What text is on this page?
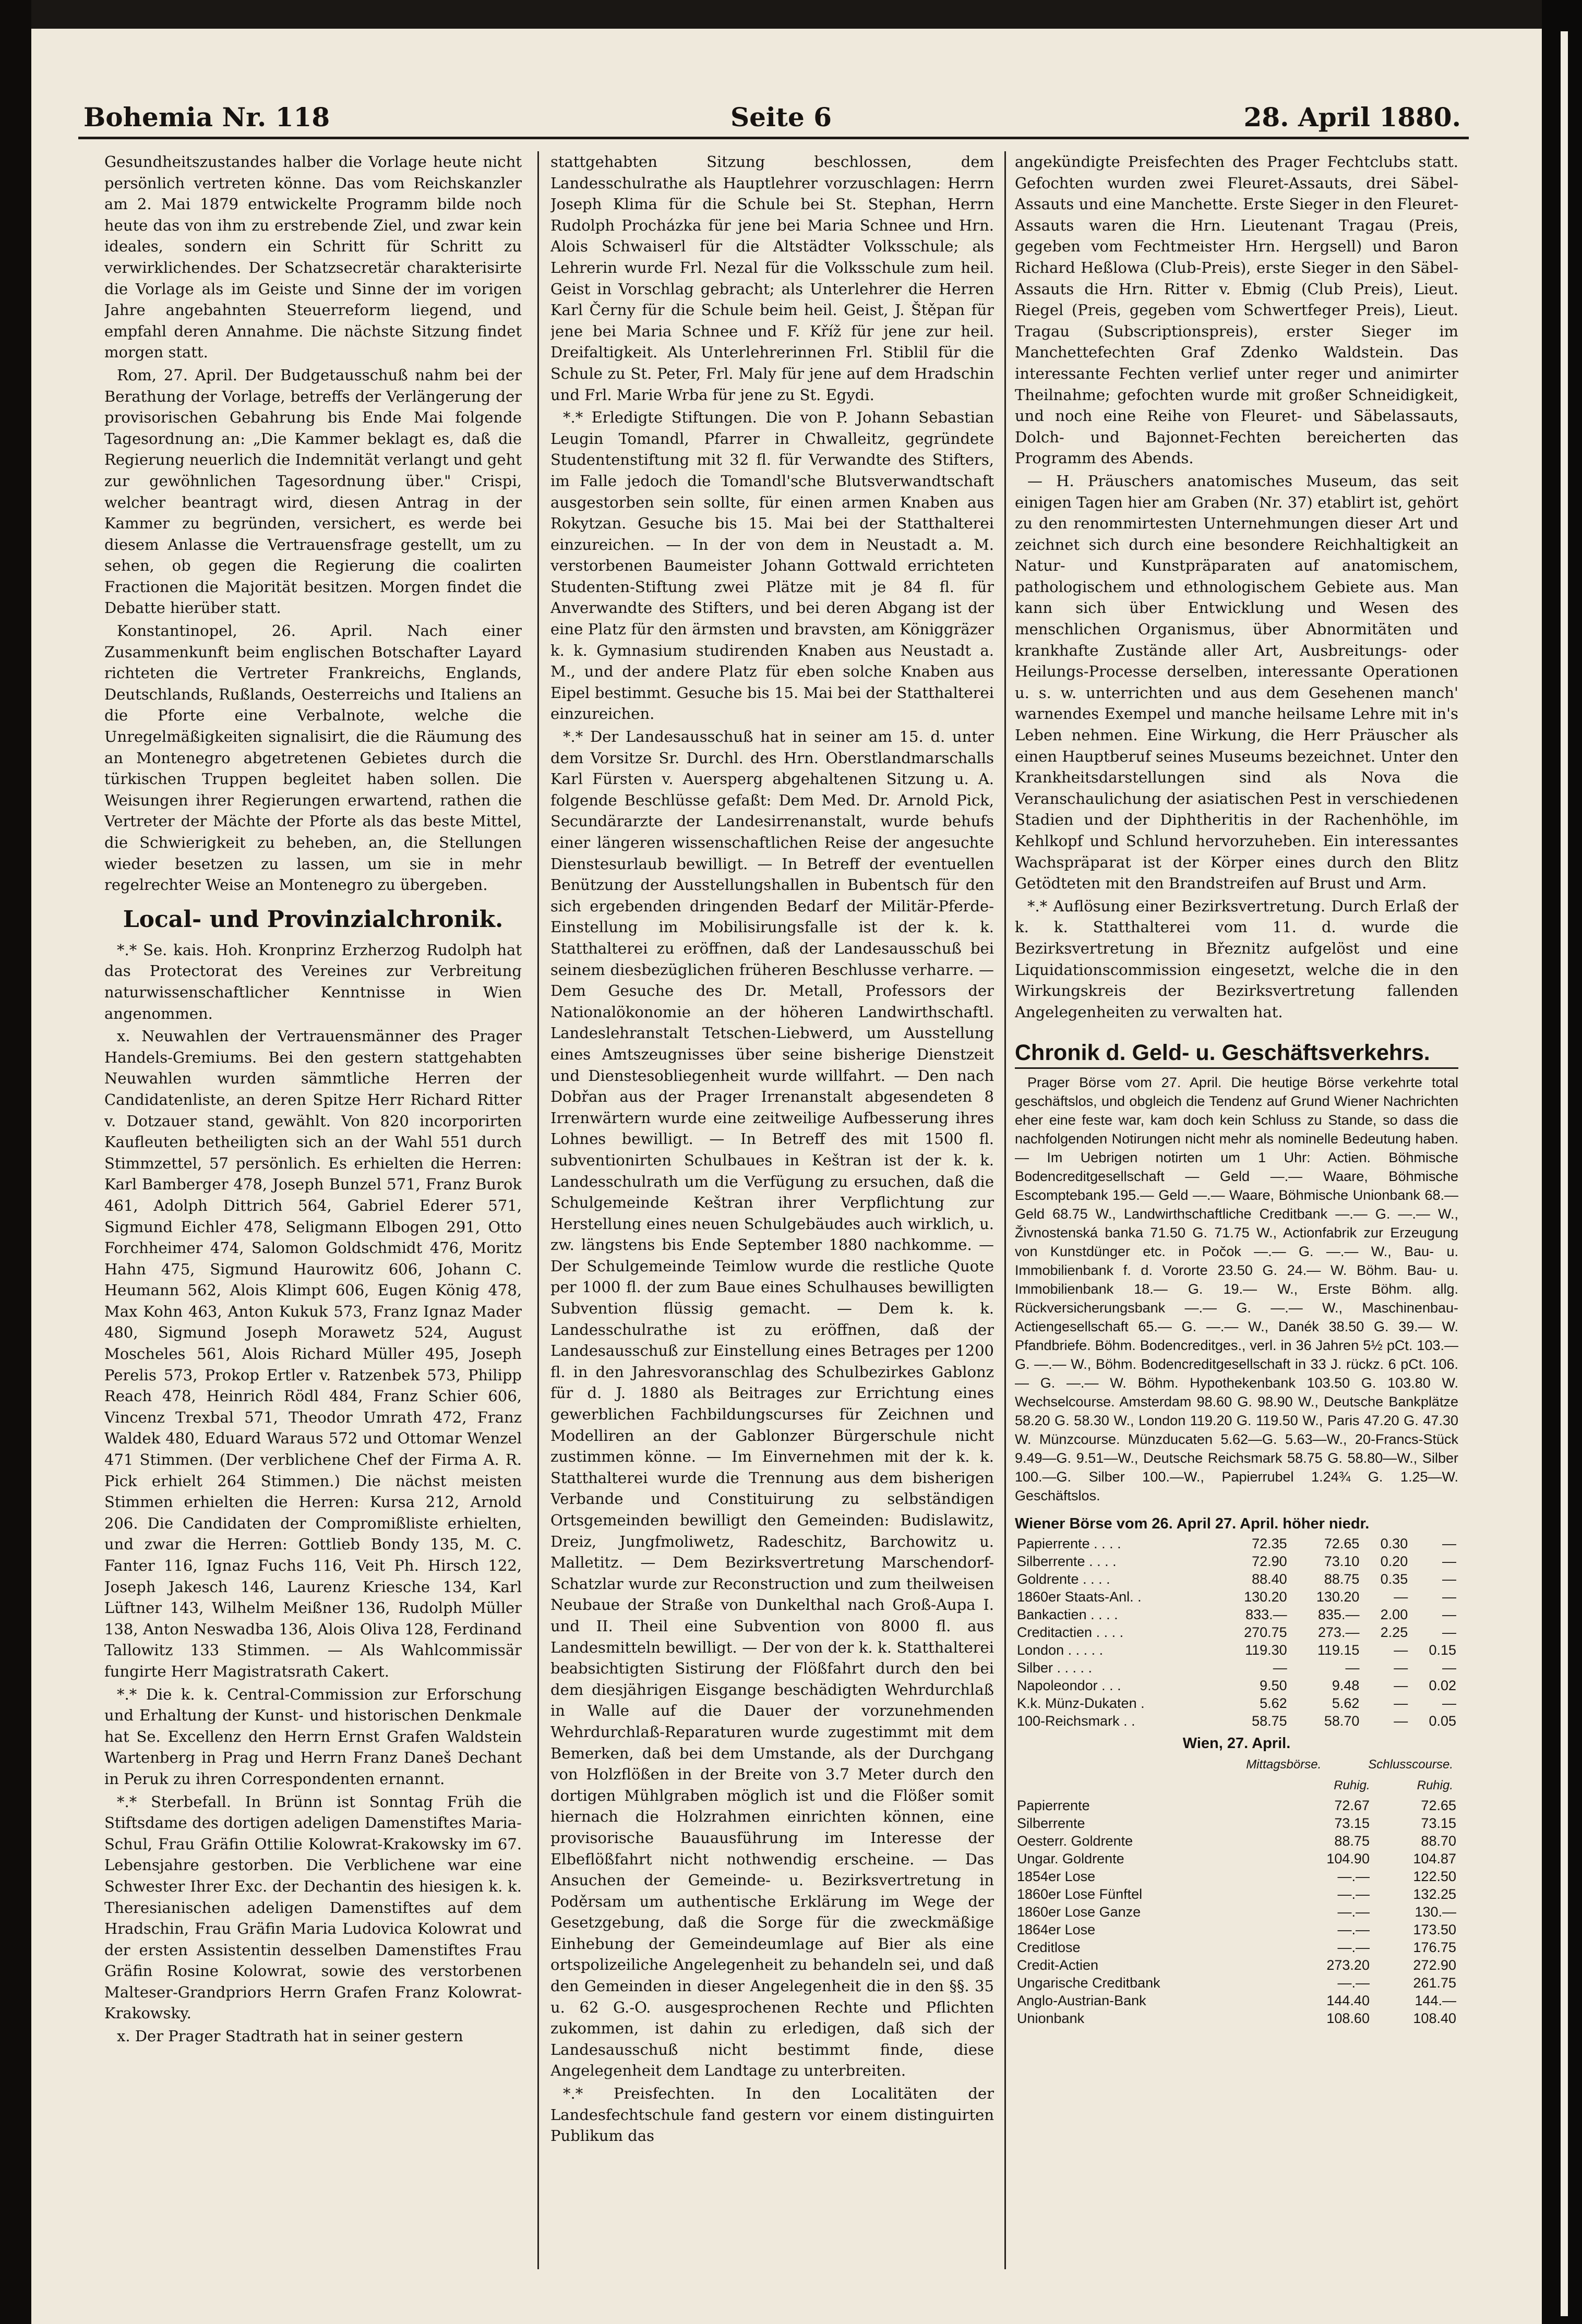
Bohemia Nr. 118	Seite 6	28. April 1880.

Gesundheitszustandes halber die Vorlage heute nicht persönlich vertreten könne. Das vom Reichskanzler am 2. Mai 1879 entwickelte Programm bilde noch heute das von ihm zu erstrebende Ziel, und zwar kein ideales, sondern ein Schritt für Schritt zu verwirklichendes. Der Schatzsecretär charakterisirte die Vorlage als im Geiste und Sinne der im vorigen Jahre angebahnten Steuerreform liegend, und empfahl deren Annahme. Die nächste Sitzung findet morgen statt.

Rom, 27. April. Der Budgetausschuß nahm bei der Berathung der Vorlage, betreffs der Verlängerung der provisorischen Gebahrung bis Ende Mai folgende Tagesordnung an: „Die Kammer beklagt es, daß die Regierung neuerlich die Indemnität verlangt und geht zur gewöhnlichen Tagesordnung über." Crispi, welcher beantragt wird, diesen Antrag in der Kammer zu begründen, versichert, es werde bei diesem Anlasse die Vertrauensfrage gestellt, um zu sehen, ob gegen die Regierung die coalirten Fractionen die Majorität besitzen. Morgen findet die Debatte hierüber statt.

Konstantinopel, 26. April. Nach einer Zusammenkunft beim englischen Botschafter Layard richteten die Vertreter Frankreichs, Englands, Deutschlands, Rußlands, Oesterreichs und Italiens an die Pforte eine Verbalnote, welche die Unregelmäßigkeiten signalisirt, die die Räumung des an Montenegro abgetretenen Gebietes durch die türkischen Truppen begleitet haben sollen. Die Weisungen ihrer Regierungen erwartend, rathen die Vertreter der Mächte der Pforte als das beste Mittel, die Schwierigkeit zu beheben, an, die Stellungen wieder besetzen zu lassen, um sie in mehr regelrechter Weise an Montenegro zu übergeben.

Local- und Provinzialchronik.

*.* Se. kais. Hoh. Kronprinz Erzherzog Rudolph hat das Protectorat des Vereines zur Verbreitung naturwissenschaftlicher Kenntnisse in Wien angenommen.

x. Neuwahlen der Vertrauensmänner des Prager Handels-Gremiums. Bei den gestern stattgehabten Neuwahlen wurden sämmtliche Herren der Candidatenliste, an deren Spitze Herr Richard Ritter v. Dotzauer stand, gewählt. Von 820 incorporirten Kaufleuten betheiligten sich an der Wahl 551 durch Stimmzettel, 57 persönlich. Es erhielten die Herren: Karl Bamberger 478, Joseph Bunzel 571, Franz Burok 461, Adolph Dittrich 564, Gabriel Ederer 571, Sigmund Eichler 478, Seligmann Elbogen 291, Otto Forchheimer 474, Salomon Goldschmidt 476, Moritz Hahn 475, Sigmund Haurowitz 606, Johann C. Heumann 562, Alois Klimpt 606, Eugen König 478, Max Kohn 463, Anton Kukuk 573, Franz Ignaz Mader 480, Sigmund Joseph Morawetz 524, August Moscheles 561, Alois Richard Müller 495, Joseph Perelis 573, Prokop Ertler v. Ratzenbek 573, Philipp Reach 478, Heinrich Rödl 484, Franz Schier 606, Vincenz Trexbal 571, Theodor Umrath 472, Franz Waldek 480, Eduard Waraus 572 und Ottomar Wenzel 471 Stimmen. (Der verblichene Chef der Firma A. R. Pick erhielt 264 Stimmen.) Die nächst meisten Stimmen erhielten die Herren: Kursa 212, Arnold 206. Die Candidaten der Compromißliste erhielten, und zwar die Herren: Gottlieb Bondy 135, M. C. Fanter 116, Ignaz Fuchs 116, Veit Ph. Hirsch 122, Joseph Jakesch 146, Laurenz Kriesche 134, Karl Lüftner 143, Wilhelm Meißner 136, Rudolph Müller 138, Anton Neswadba 136, Alois Oliva 128, Ferdinand Tallowitz 133 Stimmen. — Als Wahlcommissär fungirte Herr Magistratsrath Cakert.

*.* Die k. k. Central-Commission zur Erforschung und Erhaltung der Kunst- und historischen Denkmale hat Se. Excellenz den Herrn Ernst Grafen Waldstein Wartenberg in Prag und Herrn Franz Daneš Dechant in Peruk zu ihren Correspondenten ernannt.

*.* Sterbefall. In Brünn ist Sonntag Früh die Stiftsdame des dortigen adeligen Damenstiftes Maria-Schul, Frau Gräfin Ottilie Kolowrat-Krakowsky im 67. Lebensjahre gestorben. Die Verblichene war eine Schwester Ihrer Exc. der Dechantin des hiesigen k. k. Theresianischen adeligen Damenstiftes auf dem Hradschin, Frau Gräfin Maria Ludovica Kolowrat und der ersten Assistentin desselben Damenstiftes Frau Gräfin Rosine Kolowrat, sowie des verstorbenen Malteser-Grandpriors Herrn Grafen Franz Kolowrat-Krakowsky.

x. Der Prager Stadtrath hat in seiner gestern

stattgehabten Sitzung beschlossen, dem Landesschulrathe als Hauptlehrer vorzuschlagen: Herrn Joseph Klima für die Schule bei St. Stephan, Herrn Rudolph Procházka für jene bei Maria Schnee und Hrn. Alois Schwaiserl für die Altstädter Volksschule; als Lehrerin wurde Frl. Nezal für die Volksschule zum heil. Geist in Vorschlag gebracht; als Unterlehrer die Herren Karl Černy für die Schule beim heil. Geist, J. Štěpan für jene bei Maria Schnee und F. Kříž für jene zur heil. Dreifaltigkeit. Als Unterlehrerinnen Frl. Stiblil für die Schule zu St. Peter, Frl. Maly für jene auf dem Hradschin und Frl. Marie Wrba für jene zu St. Egydi.

*.* Erledigte Stiftungen. Die von P. Johann Sebastian Leugin Tomandl, Pfarrer in Chwalleitz, gegründete Studentenstiftung mit 32 fl. für Verwandte des Stifters, im Falle jedoch die Tomandl'sche Blutsverwandtschaft ausgestorben sein sollte, für einen armen Knaben aus Rokytzan. Gesuche bis 15. Mai bei der Statthalterei einzureichen. — In der von dem in Neustadt a. M. verstorbenen Baumeister Johann Gottwald errichteten Studenten-Stiftung zwei Plätze mit je 84 fl. für Anverwandte des Stifters, und bei deren Abgang ist der eine Platz für den ärmsten und bravsten, am Königgräzer k. k. Gymnasium studirenden Knaben aus Neustadt a. M., und der andere Platz für eben solche Knaben aus Eipel bestimmt. Gesuche bis 15. Mai bei der Statthalterei einzureichen.

*.* Der Landesausschuß hat in seiner am 15. d. unter dem Vorsitze Sr. Durchl. des Hrn. Oberstlandmarschalls Karl Fürsten v. Auersperg abgehaltenen Sitzung u. A. folgende Beschlüsse gefaßt: Dem Med. Dr. Arnold Pick, Secundärarzte der Landesirrenanstalt, wurde behufs einer längeren wissenschaftlichen Reise der angesuchte Dienstesurlaub bewilligt. — In Betreff der eventuellen Benützung der Ausstellungshallen in Bubentsch für den sich ergebenden dringenden Bedarf der Militär-Pferde-Einstellung im Mobilisirungsfalle ist der k. k. Statthalterei zu eröffnen, daß der Landesausschuß bei seinem diesbezüglichen früheren Beschlusse verharre. — Dem Gesuche des Dr. Metall, Professors der Nationalökonomie an der höheren Landwirthschaftl. Landeslehranstalt Tetschen-Liebwerd, um Ausstellung eines Amtszeugnisses über seine bisherige Dienstzeit und Dienstesobliegenheit wurde willfahrt. — Den nach Dobřan aus der Prager Irrenanstalt abgesendeten 8 Irrenwärtern wurde eine zeitweilige Aufbesserung ihres Lohnes bewilligt. — In Betreff des mit 1500 fl. subventionirten Schulbaues in Keštran ist der k. k. Landesschulrath um die Verfügung zu ersuchen, daß die Schulgemeinde Keštran ihrer Verpflichtung zur Herstellung eines neuen Schulgebäudes auch wirklich, u. zw. längstens bis Ende September 1880 nachkomme. — Der Schulgemeinde Teimlow wurde die restliche Quote per 1000 fl. der zum Baue eines Schulhauses bewilligten Subvention flüssig gemacht. — Dem k. k. Landesschulrathe ist zu eröffnen, daß der Landesausschuß zur Einstellung eines Betrages per 1200 fl. in den Jahresvoranschlag des Schulbezirkes Gablonz für d. J. 1880 als Beitrages zur Errichtung eines gewerblichen Fachbildungscurses für Zeichnen und Modelliren an der Gablonzer Bürgerschule nicht zustimmen könne. — Im Einvernehmen mit der k. k. Statthalterei wurde die Trennung aus dem bisherigen Verbande und Constituirung zu selbständigen Ortsgemeinden bewilligt den Gemeinden: Budislawitz, Dreiz, Jungfmoliwetz, Radeschitz, Barchowitz u. Malletitz. — Dem Bezirksvertretung Marschendorf-Schatzlar wurde zur Reconstruction und zum theilweisen Neubaue der Straße von Dunkelthal nach Groß-Aupa I. und II. Theil eine Subvention von 8000 fl. aus Landesmitteln bewilligt. — Der von der k. k. Statthalterei beabsichtigten Sistirung der Flößfahrt durch den bei dem diesjährigen Eisgange beschädigten Wehrdurchlaß in Walle auf die Dauer der vorzunehmenden Wehrdurchlaß-Reparaturen wurde zugestimmt mit dem Bemerken, daß bei dem Umstande, als der Durchgang von Holzflößen in der Breite von 3.7 Meter durch den dortigen Mühlgraben möglich ist und die Flößer somit hiernach die Holzrahmen einrichten können, eine provisorische Bauausführung im Interesse der Elbeflößfahrt nicht nothwendig erscheine. — Das Ansuchen der Gemeinde- u. Bezirksvertretung in Poděrsam um authentische Erklärung im Wege der Gesetzgebung, daß die Sorge für die zweckmäßige Einhebung der Gemeindeumlage auf Bier als eine ortspolizeiliche Angelegenheit zu behandeln sei, und daß den Gemeinden in dieser Angelegenheit die in den §§. 35 u. 62 G.-O. ausgesprochenen Rechte und Pflichten zukommen, ist dahin zu erledigen, daß sich der Landesausschuß nicht bestimmt finde, diese Angelegenheit dem Landtage zu unterbreiten.

*.* Preisfechten. In den Localitäten der Landesfechtschule fand gestern vor einem distinguirten Publikum das

angekündigte Preisfechten des Prager Fechtclubs statt. Gefochten wurden zwei Fleuret-Assauts, drei Säbel-Assauts und eine Manchette. Erste Sieger in den Fleuret-Assauts waren die Hrn. Lieutenant Tragau (Preis, gegeben vom Fechtmeister Hrn. Hergsell) und Baron Richard Heßlowa (Club-Preis), erste Sieger in den Säbel-Assauts die Hrn. Ritter v. Ebmig (Club Preis), Lieut. Riegel (Preis, gegeben vom Schwertfeger Preis), Lieut. Tragau (Subscriptionspreis), erster Sieger im Manchettefechten Graf Zdenko Waldstein. Das interessante Fechten verlief unter reger und animirter Theilnahme; gefochten wurde mit großer Schneidigkeit, und noch eine Reihe von Fleuret- und Säbelassauts, Dolch- und Bajonnet-Fechten bereicherten das Programm des Abends.

— H. Präuschers anatomisches Museum, das seit einigen Tagen hier am Graben (Nr. 37) etablirt ist, gehört zu den renommirtesten Unternehmungen dieser Art und zeichnet sich durch eine besondere Reichhaltigkeit an Natur- und Kunstpräparaten auf anatomischem, pathologischem und ethnologischem Gebiete aus. Man kann sich über Entwicklung und Wesen des menschlichen Organismus, über Abnormitäten und krankhafte Zustände aller Art, Ausbreitungs- oder Heilungs-Processe derselben, interessante Operationen u. s. w. unterrichten und aus dem Gesehenen manch' warnendes Exempel und manche heilsame Lehre mit in's Leben nehmen. Eine Wirkung, die Herr Präuscher als einen Hauptberuf seines Museums bezeichnet. Unter den Krankheitsdarstellungen sind als Nova die Veranschaulichung der asiatischen Pest in verschiedenen Stadien und der Diphtheritis in der Rachenhöhle, im Kehlkopf und Schlund hervorzuheben. Ein interessantes Wachspräparat ist der Körper eines durch den Blitz Getödteten mit den Brandstreifen auf Brust und Arm.

*.* Auflösung einer Bezirksvertretung. Durch Erlaß der k. k. Statthalterei vom 11. d. wurde die Bezirksvertretung in Březnitz aufgelöst und eine Liquidationscommission eingesetzt, welche die in den Wirkungskreis der Bezirksvertretung fallenden Angelegenheiten zu verwalten hat.

Chronik d. Geld- u. Geschäftsverkehrs.

Prager Börse vom 27. April. Die heutige Börse verkehrte total geschäftslos, und obgleich die Tendenz auf Grund Wiener Nachrichten eher eine feste war, kam doch kein Schluss zu Stande, so dass die nachfolgenden Notirungen nicht mehr als nominelle Bedeutung haben. — Im Uebrigen notirten um 1 Uhr: Actien. Böhmische Bodencreditgesellschaft — Geld —.— Waare, Böhmische Escomptebank 195.— Geld —.— Waare, Böhmische Unionbank 68.— Geld 68.75 W., Landwirthschaftliche Creditbank —.— G. —.— W., Živnostenská banka 71.50 G. 71.75 W., Actionfabrik zur Erzeugung von Kunstdünger etc. in Počok —.— G. —.— W., Bau- u. Immobilienbank f. d. Vororte 23.50 G. 24.— W. Böhm. Bau- u. Immobilienbank 18.— G. 19.— W., Erste Böhm. allg. Rückversicherungsbank —.— G. —.— W., Maschinenbau-Actiengesellschaft 65.— G. —.— W., Danék 38.50 G. 39.— W. Pfandbriefe. Böhm. Bodencreditges., verl. in 36 Jahren 5½ pCt. 103.— G. —.— W., Böhm. Bodencreditgesellschaft in 33 J. rückz. 6 pCt. 106.— G. —.— W. Böhm. Hypothekenbank 103.50 G. 103.80 W. Wechselcourse. Amsterdam 98.60 G. 98.90 W., Deutsche Bankplätze 58.20 G. 58.30 W., London 119.20 G. 119.50 W., Paris 47.20 G. 47.30 W. Münzcourse. Münzducaten 5.62—G. 5.63—W., 20-Francs-Stück 9.49—G. 9.51—W., Deutsche Reichsmark 58.75 G. 58.80—W., Silber 100.—G. Silber 100.—W., Papierrubel 1.24¾ G. 1.25—W. Geschäftslos.

Wiener Börse vom 26. April 27. April. höher niedr.
Papierrente . . . .	72.35	72.65	0.30	—
Silberrente . . . .	72.90	73.10	0.20	—
Goldrente . . . .	88.40	88.75	0.35	—
1860er Staats-Anl. .	130.20	130.20	—	—
Bankactien . . . .	833.—	835.—	2.00	—
Creditactien . . . .	270.75	273.—	2.25	—
London . . . . .	119.30	119.15	—	0.15
Silber . . . . .	—	—	—	—
Napoleondor . . .	9.50	9.48	—	0.02
K.k. Münz-Dukaten .	5.62	5.62	—	—
100-Reichsmark . .	58.75	58.70	—	0.05
Wien, 27. April.
Mittagsbörse.	Schlusscourse.
Ruhig.	Ruhig.
Papierrente	72.67	72.65
Silberrente	73.15	73.15
Oesterr. Goldrente	88.75	88.70
Ungar. Goldrente	104.90	104.87
1854er Lose	—.—	122.50
1860er Lose Fünftel	—.—	132.25
1860er Lose Ganze	—.—	130.—
1864er Lose	—.—	173.50
Creditlose	—.—	176.75
Credit-Actien	273.20	272.90
Ungarische Creditbank	—.—	261.75
Anglo-Austrian-Bank	144.40	144.—
Unionbank	108.60	108.40
